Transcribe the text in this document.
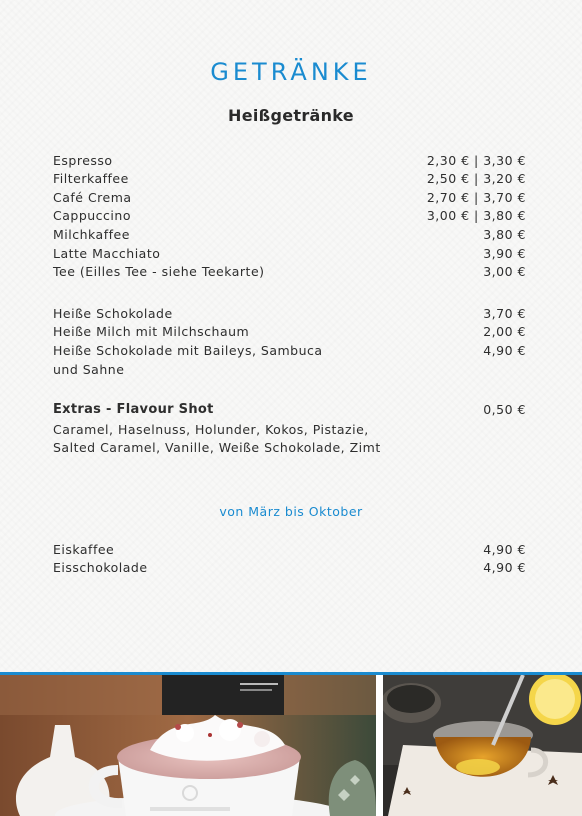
GETRÄNKE
Heißgetränke
Espresso	2,30 € | 3,30 €
Filterkaffee	2,50 € | 3,20 €
Café Crema	2,70 € | 3,70 €
Cappuccino	3,00 € | 3,80 €
Milchkaffee	3,80 €
Latte Macchiato	3,90 €
Tee (Eilles Tee - siehe Teekarte)	3,00 €
Heiße Schokolade	3,70 €
Heiße Milch mit Milchschaum	2,00 €
Heiße Schokolade mit Baileys, Sambuca	4,90 €
und Sahne
Extras - Flavour Shot	0,50 €
Caramel, Haselnuss, Holunder, Kokos, Pistazie,
Salted Caramel, Vanille, Weiße Schokolade, Zimt
von März bis Oktober
Eiskaffee	4,90 €
Eisschokolade	4,90 €
